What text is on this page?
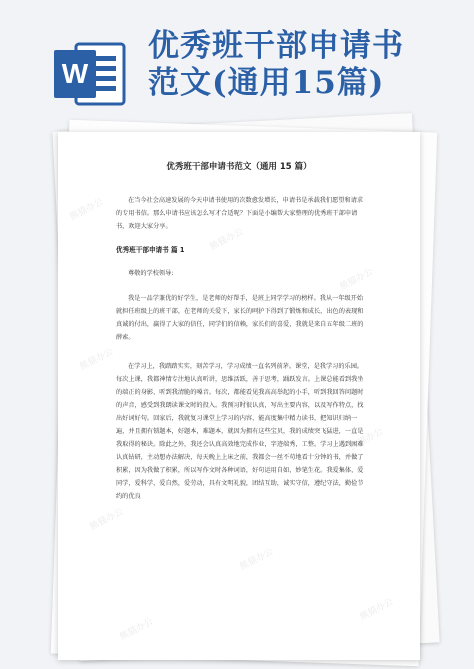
W
优秀班干部申请书
范文(通用15篇)
优秀班干部申请书范文（通用 15 篇）
在当今社会高速发展的今天申请书使用的次数愈发增长，申请书是承载我们愿望和请求的专用书信。那么申请书应该怎么写才合适呢？下面是小编帮大家整理的优秀班干部申请书，欢迎大家分享。
优秀班干部申请书 篇 1
尊敬的学校领导:
我是一品学兼优的好学生，是老师的好帮手，是班上同学学习的榜样。我从一年级开始就担任班级上的班干部，在老师的关爱下，家长的呵护下得到了锻炼和成长，出色的表现和真诚的付出，赢得了大家的信任，同学们的信赖，家长们的喜爱，我就是来自五年级二班的薛索。
在学习上，我踏踏实实，刻苦学习，学习成绩一直名列前茅。课堂，是我学习的乐园。每次上课，我都神情专注地认真听讲，思维活跃，善于思考，踊跃发言。上课总能看到我坐的端正的身影，听到我清脆的嗓音。每次，都能看见我高高举起的小手，听到我回答问题时的声音，感受到我朗读课文时的投入。我预习时很认真，写出主要内容，以及写作特点，找出好词好句。回家后，我就复习课堂上学习的内容，能高度集中精力读书，把知识归纳一遍，并且拥有锁题本，好题本，难题本，就因为拥有这些宝贝，我的成绩突飞猛进，一直是我取得的秘诀。除此之外，我还会认真高效地完成作业，字迹端秀，工整。学习上遇到困难认真钻研，主动想办法解决，每天晚上上床之前，我都会一丝不苟地看十分钟的书，并做了积累，因为我做了积累，所以写作文时各种词语，好句运用自如，妙笔生花。我爱集体，爱同学，爱科学，爱自然，爱劳动，具有文明礼貌，团结互助，诚实守信，遵纪守法，勤俭节约的优良
熊猫办公
熊猫办公
熊猫办公
熊猫办公
熊猫办公
熊猫办公
熊猫办公
熊猫办公
熊猫办公
熊猫办公
